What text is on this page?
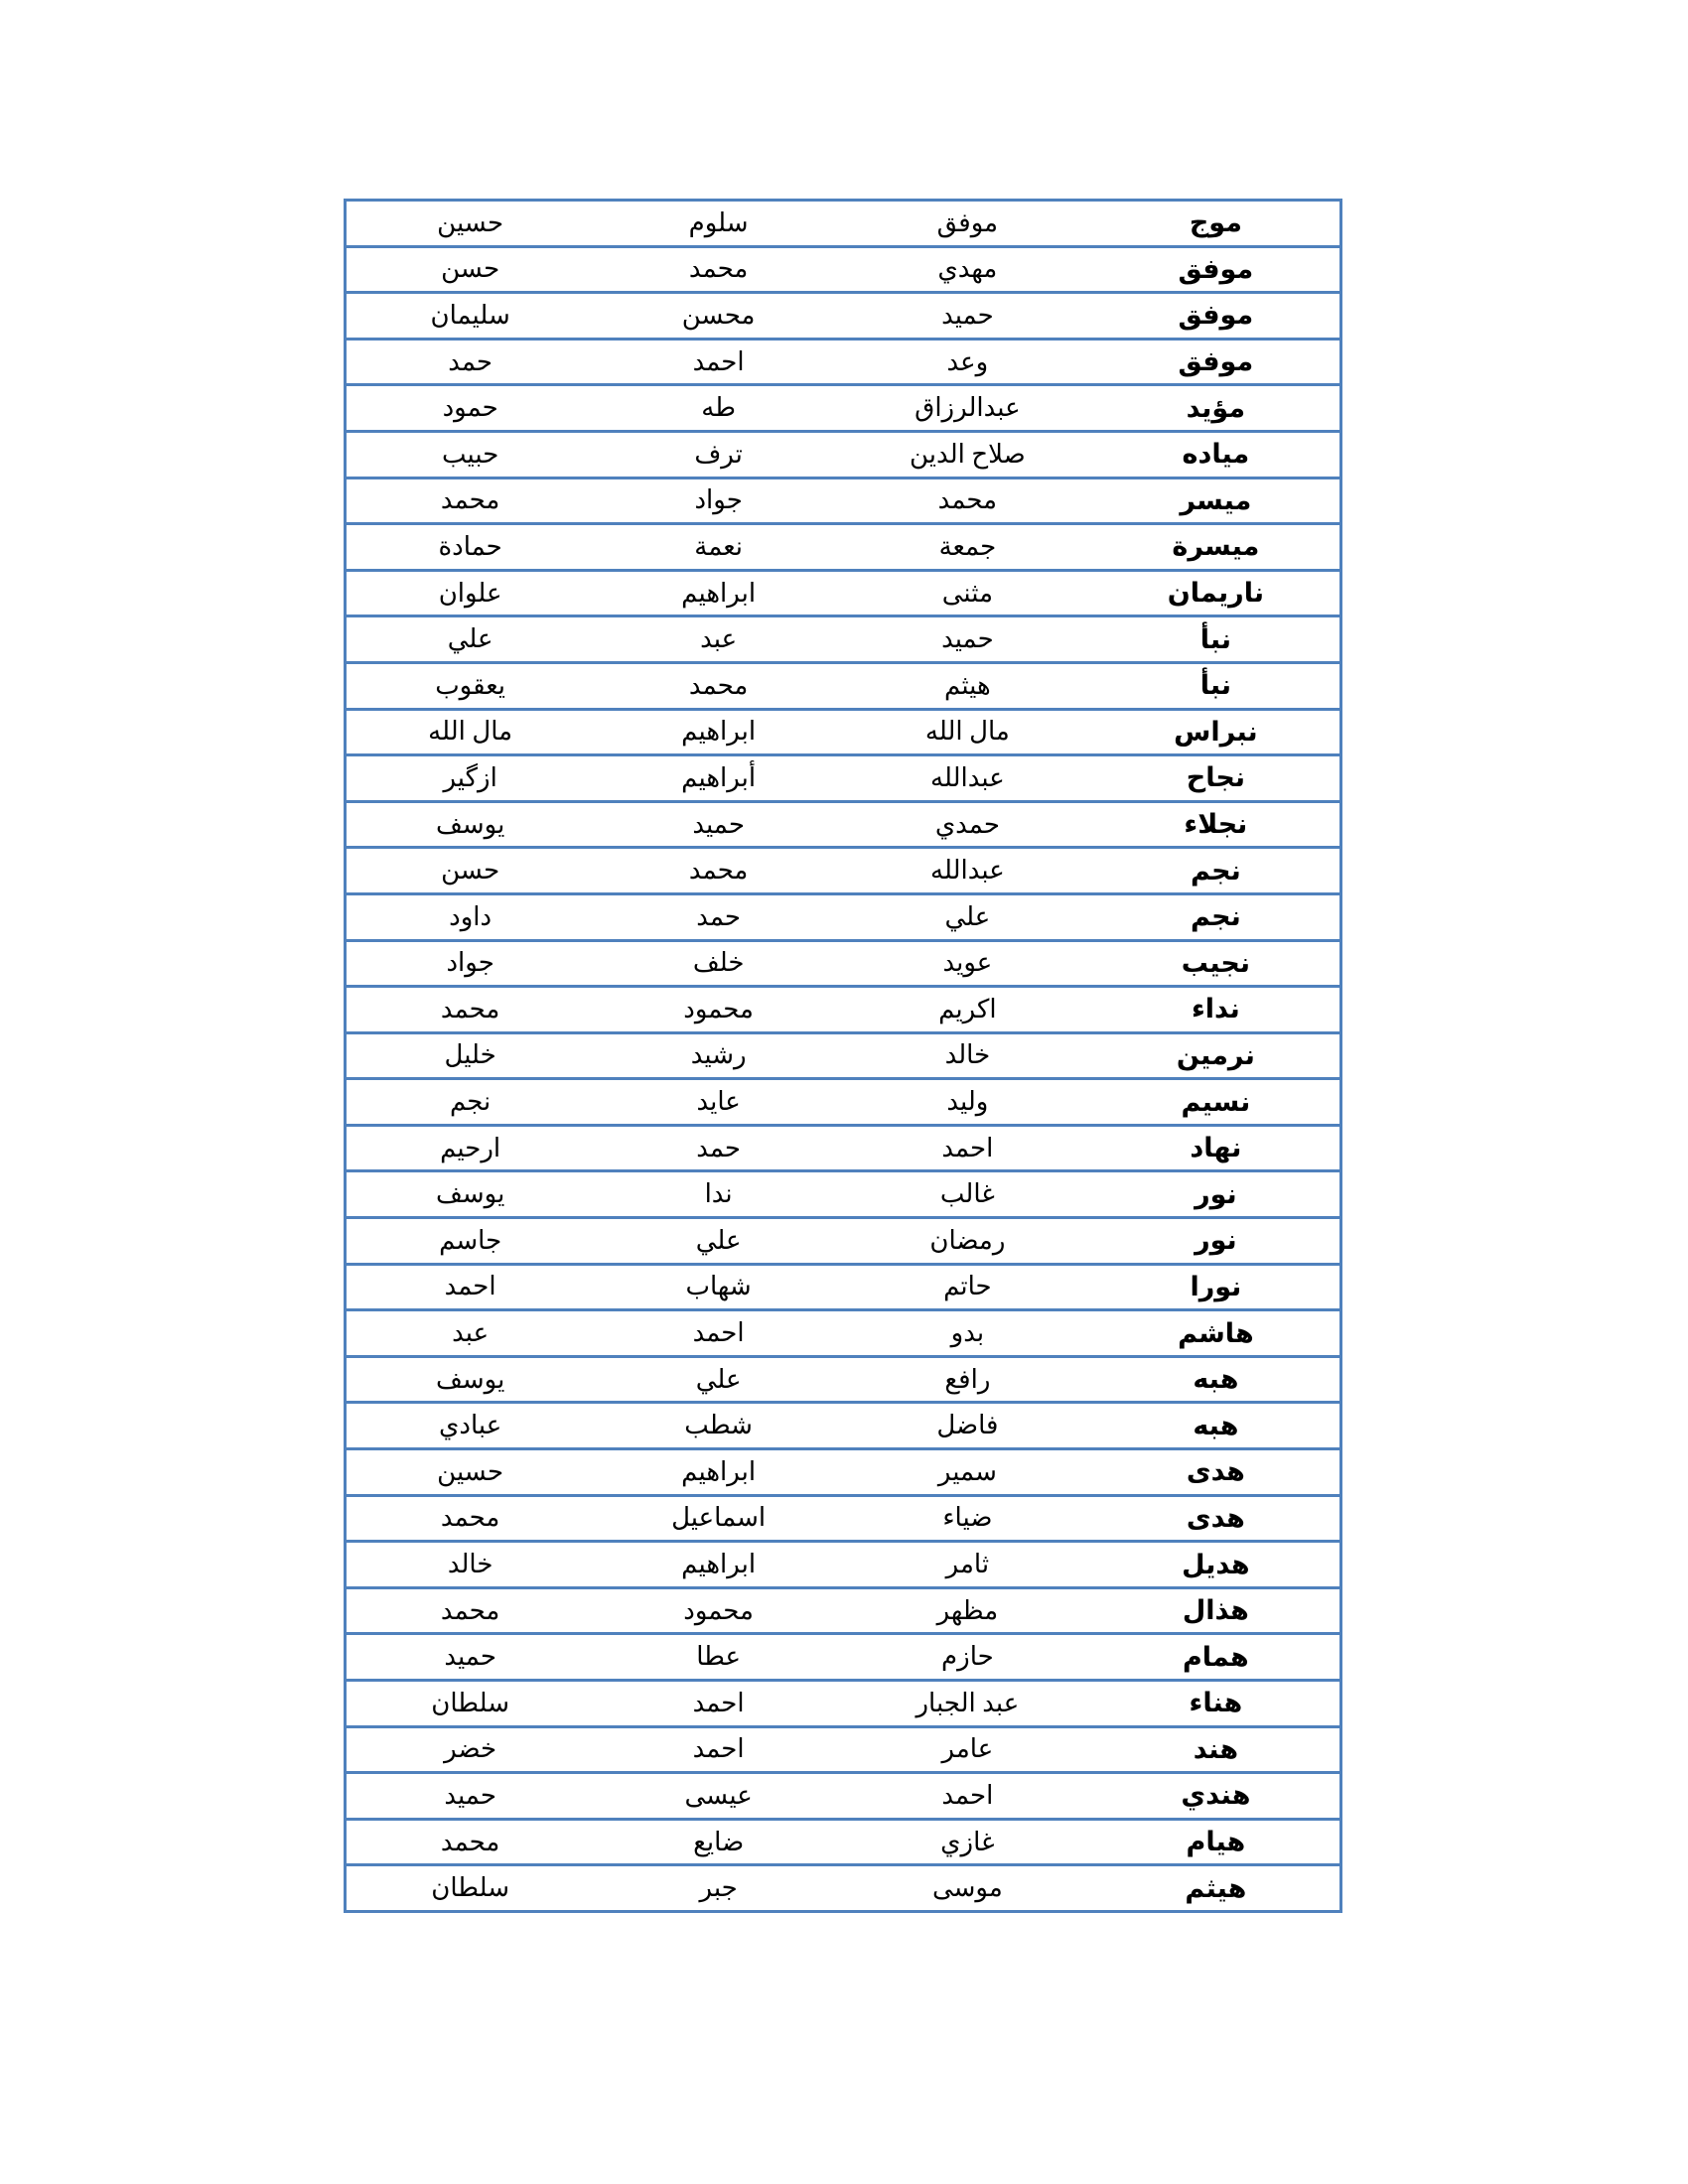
موج	موفق	سلوم	حسين
موفق	مهدي	محمد	حسن
موفق	حميد	محسن	سليمان
موفق	وعد	احمد	حمد
مؤيد	عبدالرزاق	طه	حمود
مياده	صلاح الدين	ترف	حبيب
ميسر	محمد	جواد	محمد
ميسرة	جمعة	نعمة	حمادة
ناريمان	مثنى	ابراهيم	علوان
نبأ	حميد	عبد	علي
نبأ	هيثم	محمد	يعقوب
نبراس	مال الله	ابراهيم	مال الله
نجاح	عبدالله	أبراهيم	ازگير
نجلاء	حمدي	حميد	يوسف
نجم	عبدالله	محمد	حسن
نجم	علي	حمد	داود
نجيب	عويد	خلف	جواد
نداء	اكريم	محمود	محمد
نرمين	خالد	رشيد	خليل
نسيم	وليد	عايد	نجم
نهاد	احمد	حمد	ارحيم
نور	غالب	ندا	يوسف
نور	رمضان	علي	جاسم
نورا	حاتم	شهاب	احمد
هاشم	بدو	احمد	عبد
هبه	رافع	علي	يوسف
هبه	فاضل	شطب	عبادي
هدى	سمير	ابراهيم	حسين
هدى	ضياء	اسماعيل	محمد
هديل	ثامر	ابراهيم	خالد
هذال	مظهر	محمود	محمد
همام	حازم	عطا	حميد
هناء	عبد الجبار	احمد	سلطان
هند	عامر	احمد	خضر
هندي	احمد	عيسى	حميد
هيام	غازي	ضايع	محمد
هيثم	موسى	جبر	سلطان
